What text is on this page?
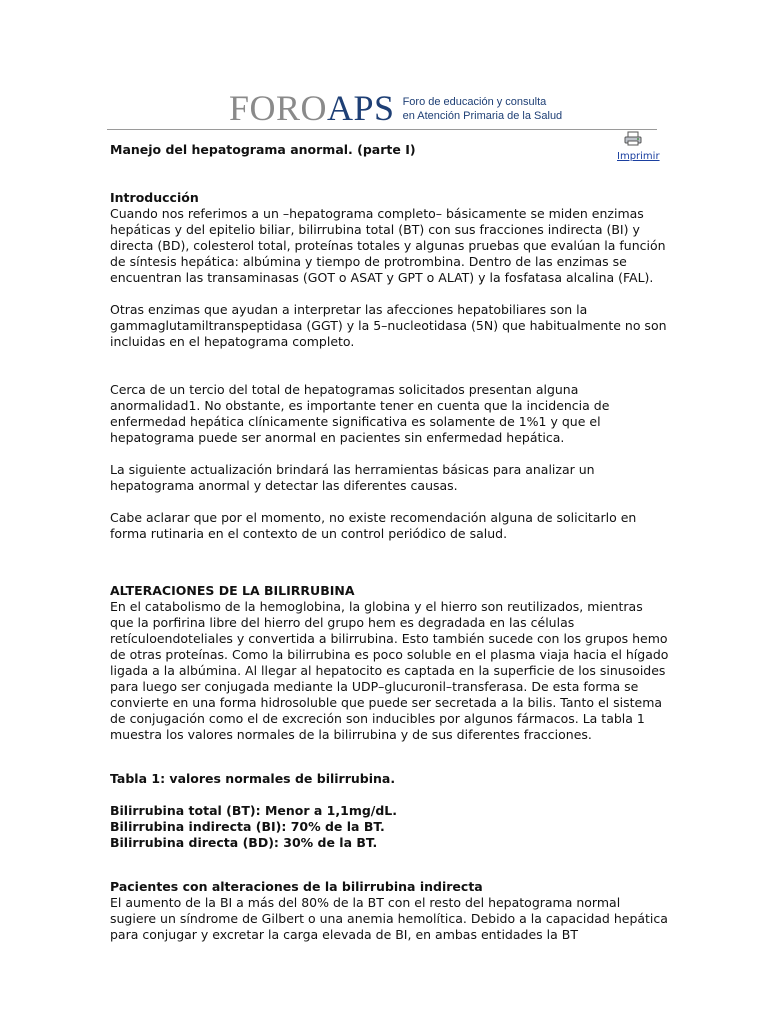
FOROAPS Foro de educación y consulta
en Atención Primaria de la Salud
Manejo del hepatograma anormal. (parte I)	Imprimir

Introducción

Cuando nos referimos a un –hepatograma completo– básicamente se miden enzimas hepáticas y del epitelio biliar, bilirrubina total (BT) con sus fracciones indirecta (BI) y directa (BD), colesterol total, proteínas totales y algunas pruebas que evalúan la función de síntesis hepática: albúmina y tiempo de protrombina. Dentro de las enzimas se encuentran las transaminasas (GOT o ASAT y GPT o ALAT) y la fosfatasa alcalina (FAL).

Otras enzimas que ayudan a interpretar las afecciones hepatobiliares son la gammaglutamiltranspeptidasa (GGT) y la 5–nucleotidasa (5N) que habitualmente no son incluidas en el hepatograma completo.

Cerca de un tercio del total de hepatogramas solicitados presentan alguna anormalidad1. No obstante, es importante tener en cuenta que la incidencia de enfermedad hepática clínicamente significativa es solamente de 1%1 y que el hepatograma puede ser anormal en pacientes sin enfermedad hepática.

La siguiente actualización brindará las herramientas básicas para analizar un hepatograma anormal y detectar las diferentes causas.

Cabe aclarar que por el momento, no existe recomendación alguna de solicitarlo en forma rutinaria en el contexto de un control periódico de salud.

ALTERACIONES DE LA BILIRRUBINA

En el catabolismo de la hemoglobina, la globina y el hierro son reutilizados, mientras que la porfirina libre del hierro del grupo hem es degradada en las células retículoendoteliales y convertida a bilirrubina. Esto también sucede con los grupos hemo de otras proteínas. Como la bilirrubina es poco soluble en el plasma viaja hacia el hígado ligada a la albúmina. Al llegar al hepatocito es captada en la superficie de los sinusoides para luego ser conjugada mediante la UDP–glucuronil–transferasa. De esta forma se convierte en una forma hidrosoluble que puede ser secretada a la bilis. Tanto el sistema de conjugación como el de excreción son inducibles por algunos fármacos. La tabla 1 muestra los valores normales de la bilirrubina y de sus diferentes fracciones.

Tabla 1: valores normales de bilirrubina.

Bilirrubina total (BT): Menor a 1,1mg/dL.

Bilirrubina indirecta (BI): 70% de la BT.

Bilirrubina directa (BD): 30% de la BT.

Pacientes con alteraciones de la bilirrubina indirecta

El aumento de la BI a más del 80% de la BT con el resto del hepatograma normal sugiere un síndrome de Gilbert o una anemia hemolítica. Debido a la capacidad hepática para conjugar y excretar la carga elevada de BI, en ambas entidades la BT
